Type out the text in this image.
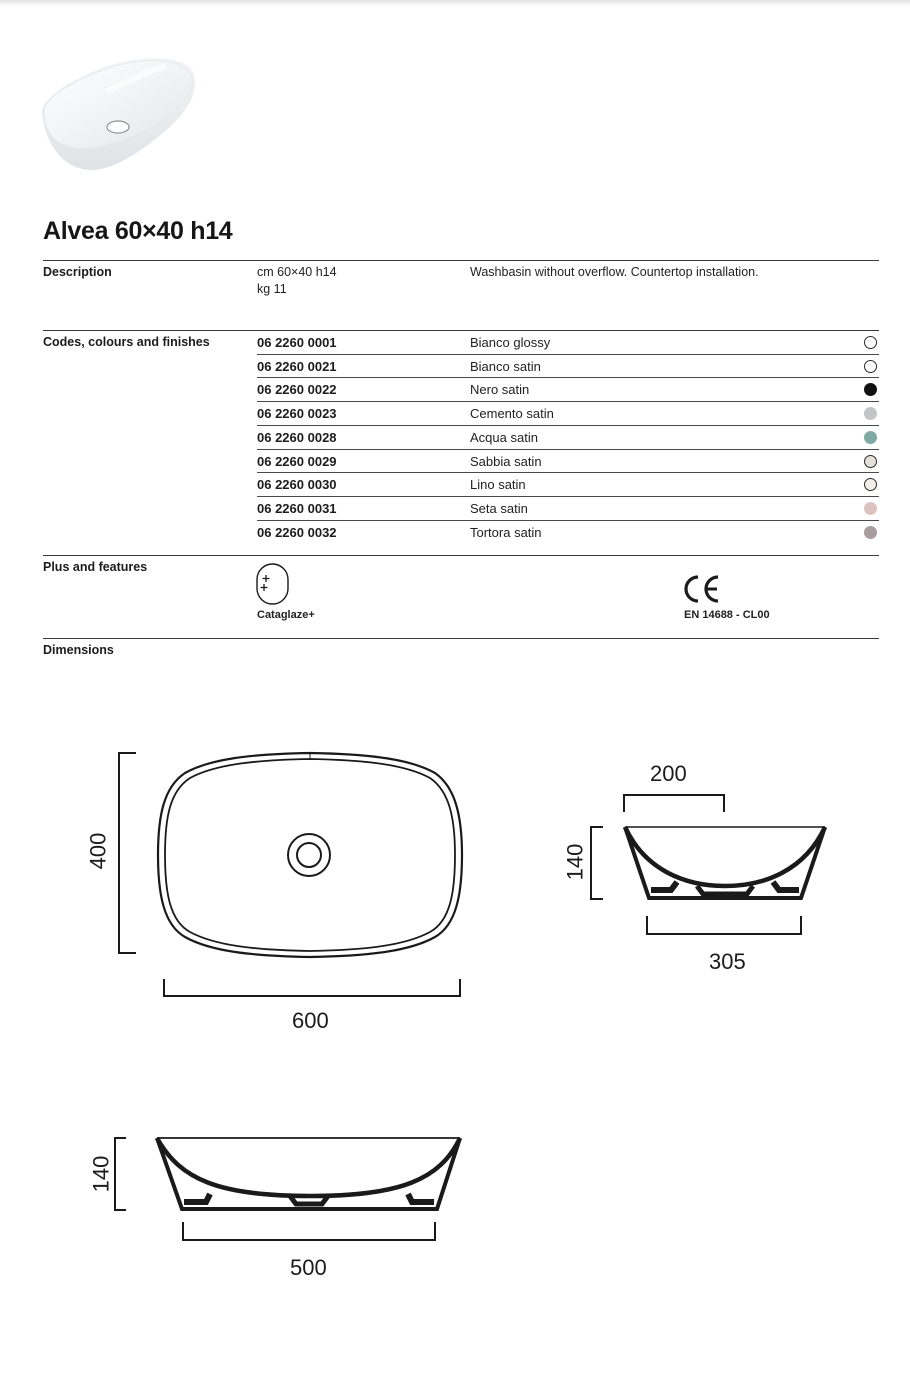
Alvea 60×40 h14
Description	cm 60×40 h14
kg 11
Washbasin without overflow. Countertop installation.
Codes, colours and finishes	06 2260 0001	Bianco glossy
06 2260 0021	Bianco satin
06 2260 0022	Nero satin
06 2260 0023	Cemento satin
06 2260 0028	Acqua satin
06 2260 0029	Sabbia satin
06 2260 0030	Lino satin
06 2260 0031	Seta satin
06 2260 0032	Tortora satin
Plus and features
Cataglaze+	EN 14688 - CL00
Dimensions
400
600
200
140
305
140
500
